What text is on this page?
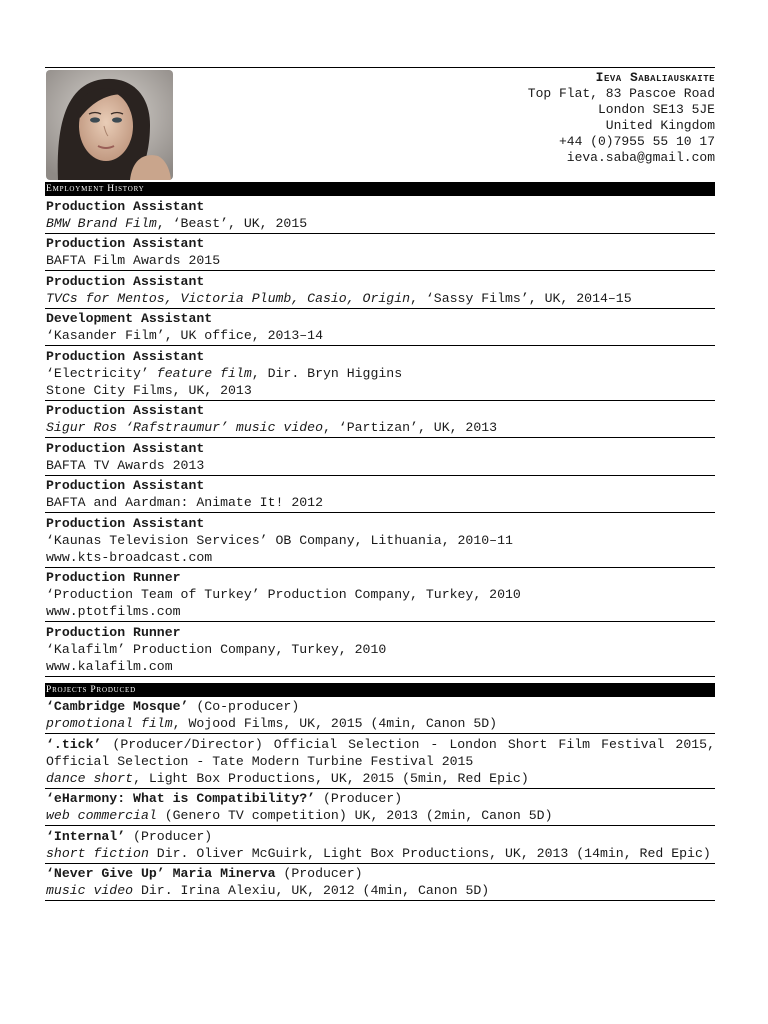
Ieva Sabaliauskaite
Top Flat, 83 Pascoe Road
London SE13 5JE
United Kingdom
+44 (0)7955 55 10 17
ieva.saba@gmail.com
Employment History
Production Assistant
BMW Brand Film, ‘Beast’, UK, 2015
Production Assistant
BAFTA Film Awards 2015
Production Assistant
TVCs for Mentos, Victoria Plumb, Casio, Origin, ‘Sassy Films’, UK, 2014–15
Development Assistant
‘Kasander Film’, UK office, 2013–14
Production Assistant
‘Electricity’ feature film, Dir. Bryn Higgins
Stone City Films, UK, 2013
Production Assistant
Sigur Ros ‘Rafstraumur’ music video, ‘Partizan’, UK, 2013
Production Assistant
BAFTA TV Awards 2013
Production Assistant
BAFTA and Aardman: Animate It! 2012
Production Assistant
‘Kaunas Television Services’ OB Company, Lithuania, 2010–11
www.kts-broadcast.com
Production Runner
‘Production Team of Turkey’ Production Company, Turkey, 2010
www.ptotfilms.com
Production Runner
‘Kalafilm’ Production Company, Turkey, 2010
www.kalafilm.com
Projects Produced
‘Cambridge Mosque’ (Co-producer)
promotional film, Wojood Films, UK, 2015 (4min, Canon 5D)
‘.tick’ (Producer/Director) Official Selection - London Short Film Festival 2015, Official Selection - Tate Modern Turbine Festival 2015
dance short, Light Box Productions, UK, 2015 (5min, Red Epic)
‘eHarmony: What is Compatibility?’ (Producer)
web commercial (Genero TV competition) UK, 2013 (2min, Canon 5D)
‘Internal’ (Producer)
short fiction Dir. Oliver McGuirk, Light Box Productions, UK, 2013 (14min, Red Epic)
‘Never Give Up’ Maria Minerva (Producer)
music video Dir. Irina Alexiu, UK, 2012 (4min, Canon 5D)
